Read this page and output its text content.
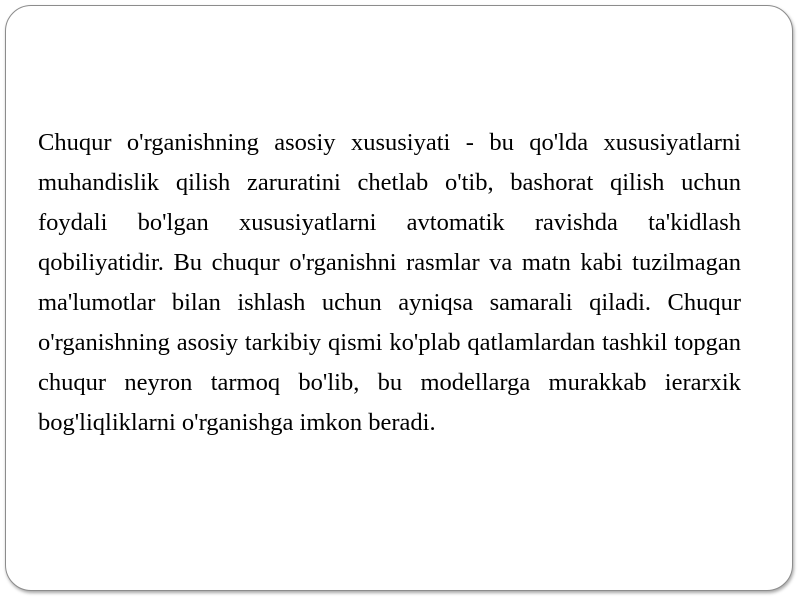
Chuqur o'rganishning asosiy xususiyati - bu qo'lda xususiyatlarni muhandislik qilish zaruratini chetlab o'tib, bashorat qilish uchun foydali bo'lgan xususiyatlarni avtomatik ravishda ta'kidlash qobiliyatidir. Bu chuqur o'rganishni rasmlar va matn kabi tuzilmagan ma'lumotlar bilan ishlash uchun ayniqsa samarali qiladi. Chuqur o'rganishning asosiy tarkibiy qismi ko'plab qatlamlardan tashkil topgan chuqur neyron tarmoq bo'lib, bu modellarga murakkab ierarxik bog'liqliklarni o'rganishga imkon beradi.
